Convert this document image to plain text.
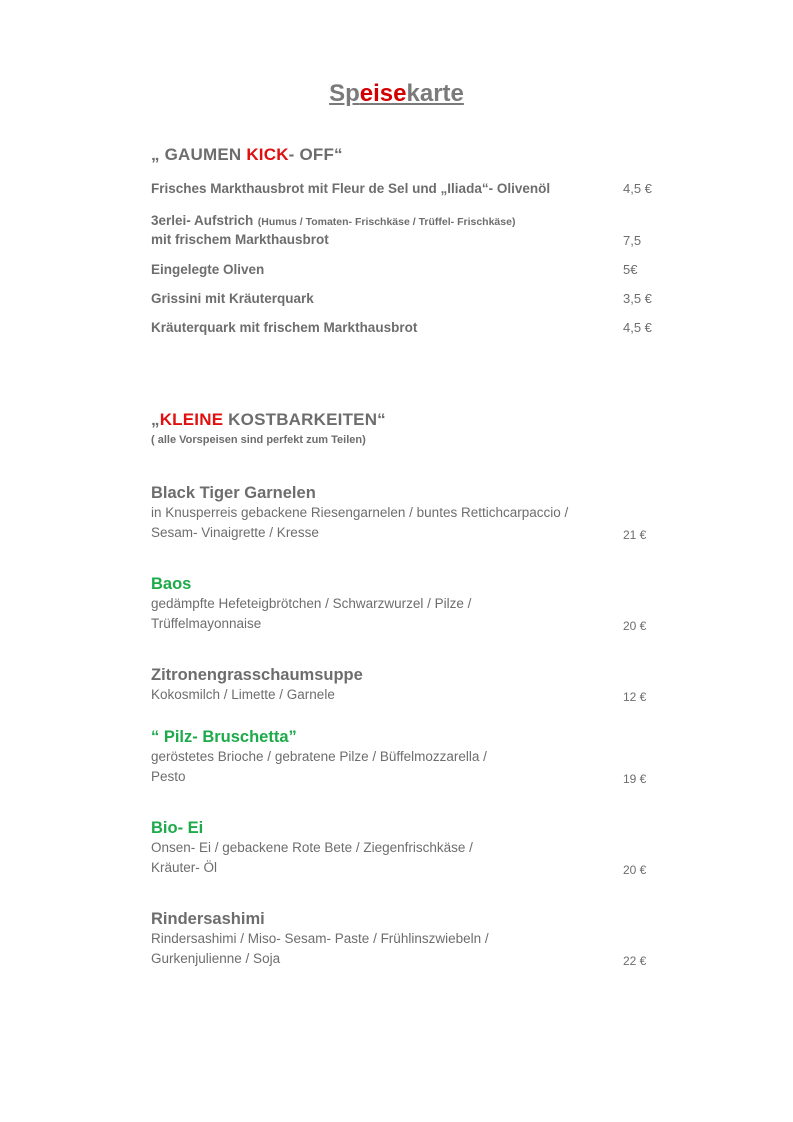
Speisekarte
„ GAUMEN KICK- OFF“
Frisches Markthausbrot mit Fleur de Sel und „Iliada“- Olivenöl	4,5 €
3erlei- Aufstrich (Humus / Tomaten- Frischkäse / Trüffel- Frischkäse)
mit frischem Markthausbrot	7,5
Eingelegte Oliven	5€
Grissini mit Kräuterquark	3,5 €
Kräuterquark mit frischem Markthausbrot	4,5 €
„KLEINE KOSTBARKEITEN“
( alle Vorspeisen sind perfekt zum Teilen)
Black Tiger Garnelen
in Knusperreis gebackene Riesengarnelen / buntes Rettichcarpaccio /
Sesam- Vinaigrette / Kresse	21 €
Baos
gedämpfte Hefeteigbrötchen / Schwarzwurzel / Pilze /
Trüffelmayonnaise	20 €
Zitronengrasschaumsuppe
Kokosmilch / Limette / Garnele	12 €
“ Pilz- Bruschetta”
geröstetes Brioche / gebratene Pilze / Büffelmozzarella /
Pesto	19 €
Bio- Ei
Onsen- Ei / gebackene Rote Bete / Ziegenfrischkäse /
Kräuter- Öl	20 €
Rindersashimi
Rindersashimi / Miso- Sesam- Paste / Frühlinszwiebeln /
Gurkenjulienne / Soja	22 €
